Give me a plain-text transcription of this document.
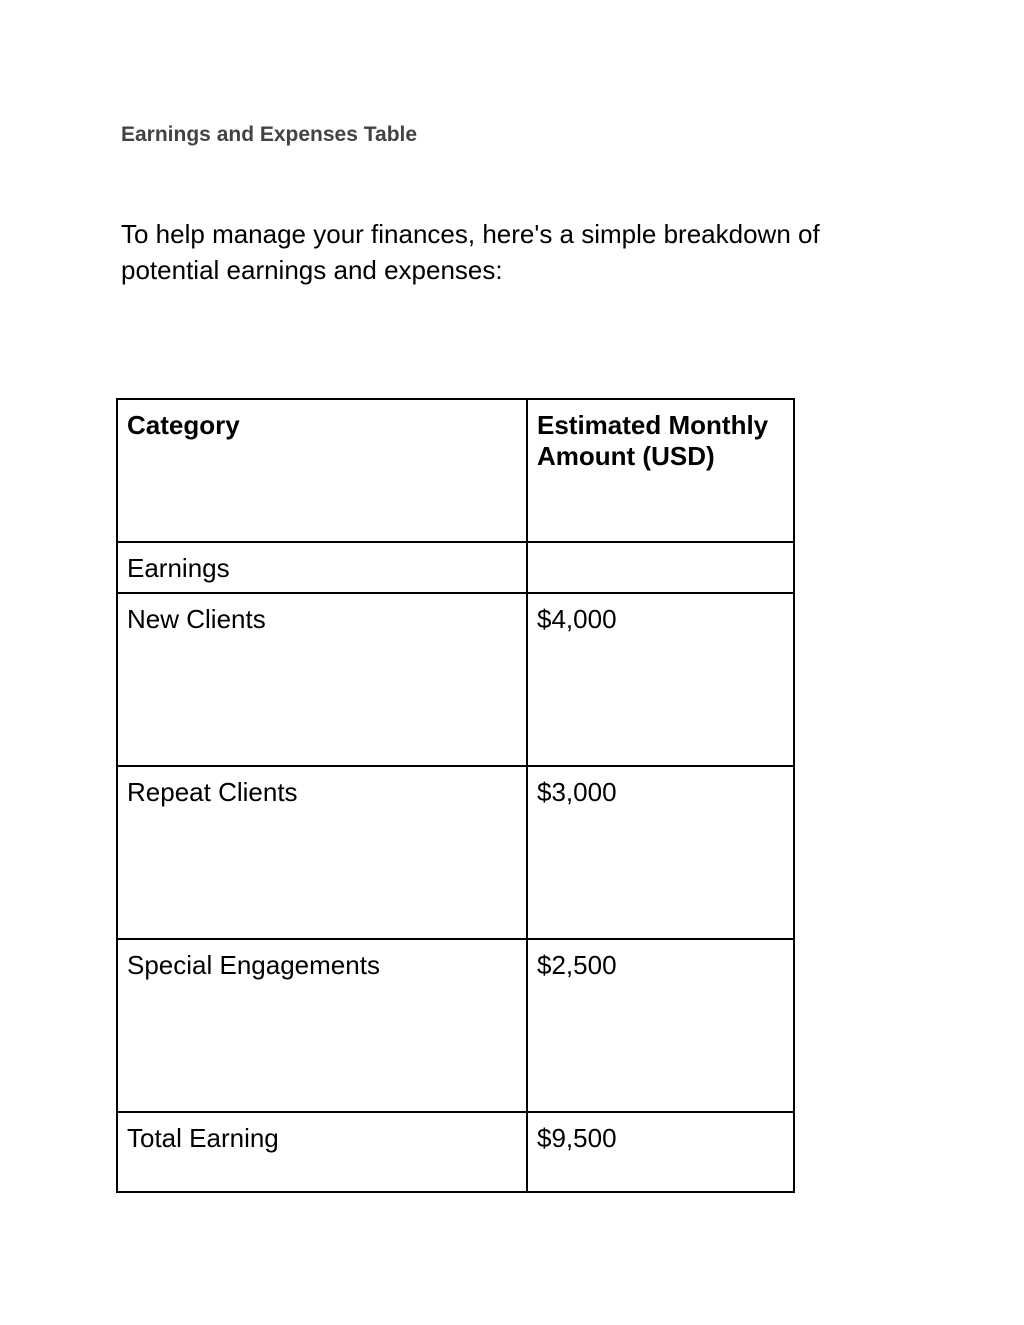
Earnings and Expenses Table
To help manage your finances, here's a simple breakdown of potential earnings and expenses:
Category	Estimated Monthly Amount (USD)
Earnings	
New Clients	$4,000
Repeat Clients	$3,000
Special Engagements	$2,500
Total Earning	$9,500
